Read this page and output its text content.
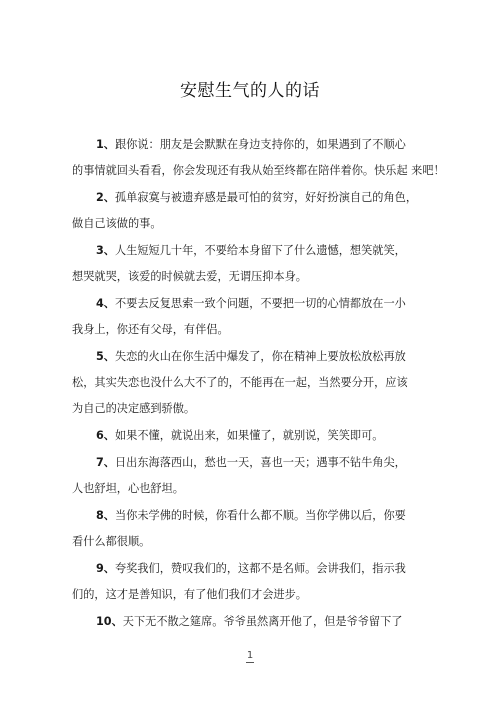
安慰生气的人的话
1、跟你说：朋友是会默默在身边支持你的，如果遇到了不顺心
的事情就回头看看，你会发现还有我从始至终都在陪伴着你。快乐起 来吧！
2、孤单寂寞与被遗弃感是最可怕的贫穷，好好扮演自己的角色，
做自己该做的事。
3、人生短短几十年，不要给本身留下了什么遗憾，想笑就笑，
想哭就哭，该爱的时候就去爱，无谓压抑本身。
4、不要去反复思索一致个问题，不要把一切的心情都放在一小
我身上，你还有父母，有伴侣。
5、失恋的火山在你生活中爆发了，你在精神上要放松放松再放
松，其实失恋也没什么大不了的，不能再在一起，当然要分开，应该
为自己的决定感到骄傲。
6、如果不懂，就说出来，如果懂了，就别说，笑笑即可。
7、日出东海落西山，愁也一天，喜也一天；遇事不钻牛角尖，
人也舒坦，心也舒坦。
8、当你未学佛的时候，你看什么都不顺。当你学佛以后，你要
看什么都很顺。
9、夸奖我们，赞叹我们的，这都不是名师。会讲我们，指示我
们的，这才是善知识，有了他们我们才会进步。
10、天下无不散之筵席。爷爷虽然离开他了，但是爷爷留下了
1
